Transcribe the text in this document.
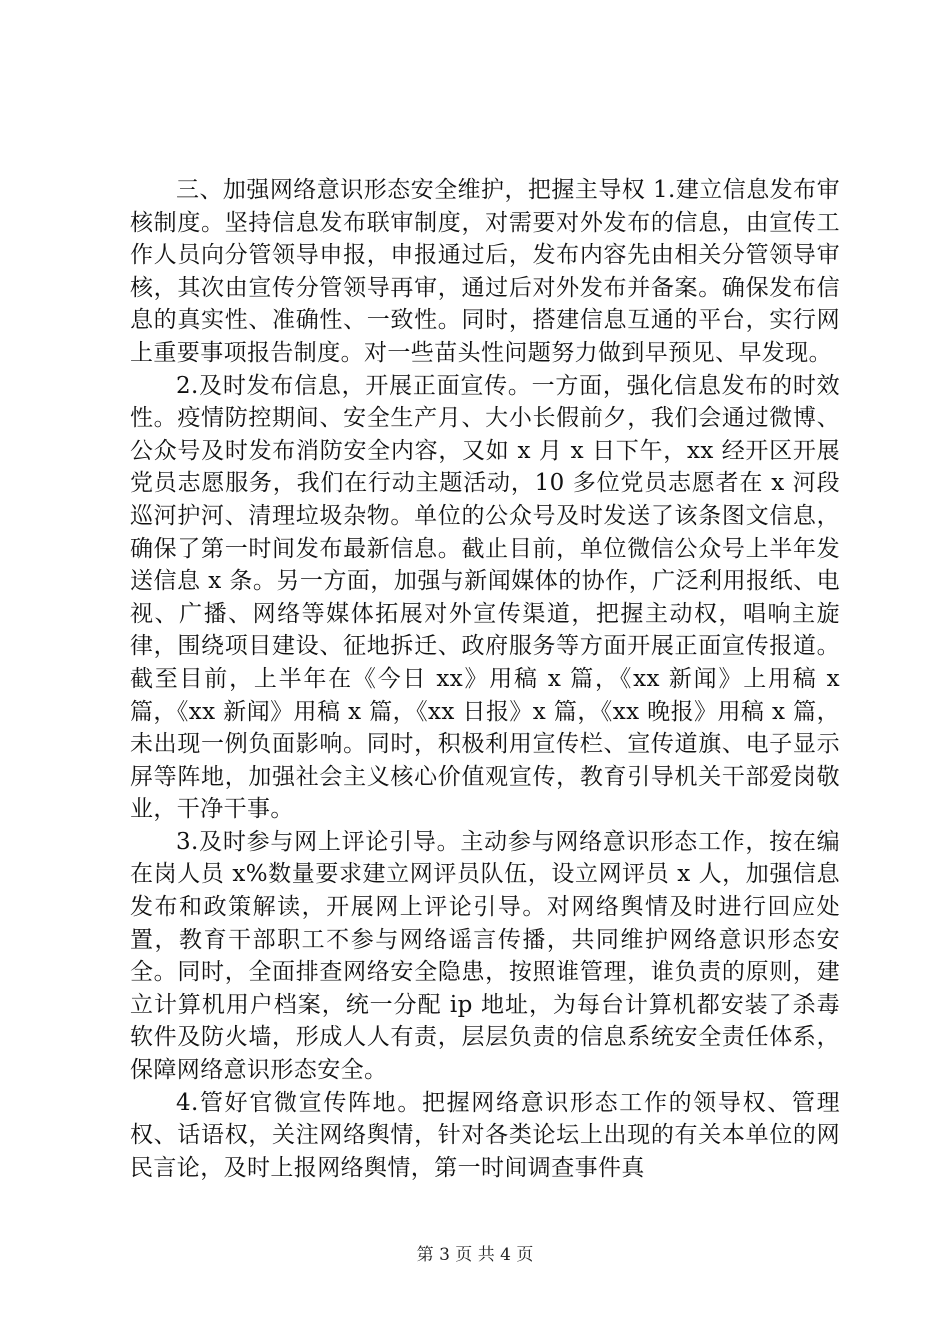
三、加强网络意识形态安全维护，把握主导权 1.建立信息发布审核制度。坚持信息发布联审制度，对需要对外发布的信息，由宣传工作人员向分管领导申报，申报通过后，发布内容先由相关分管领导审核，其次由宣传分管领导再审，通过后对外发布并备案。确保发布信息的真实性、准确性、一致性。同时，搭建信息互通的平台，实行网上重要事项报告制度。对一些苗头性问题努力做到早预见、早发现。

2.及时发布信息，开展正面宣传。一方面，强化信息发布的时效性。疫情防控期间、安全生产月、大小长假前夕，我们会通过微博、公众号及时发布消防安全内容，又如 x 月 x 日下午，xx 经开区开展党员志愿服务，我们在行动主题活动，10 多位党员志愿者在 x 河段巡河护河、清理垃圾杂物。单位的公众号及时发送了该条图文信息，确保了第一时间发布最新信息。截止目前，单位微信公众号上半年发送信息 x 条。另一方面，加强与新闻媒体的协作，广泛利用报纸、电视、广播、网络等媒体拓展对外宣传渠道，把握主动权，唱响主旋律，围绕项目建设、征地拆迁、政府服务等方面开展正面宣传报道。截至目前，上半年在《今日 xx》用稿 x 篇，《xx 新闻》上用稿 x 篇，《xx 新闻》用稿 x 篇，《xx 日报》x 篇，《xx 晚报》用稿 x 篇，未出现一例负面影响。同时，积极利用宣传栏、宣传道旗、电子显示屏等阵地，加强社会主义核心价值观宣传，教育引导机关干部爱岗敬业，干净干事。

3.及时参与网上评论引导。主动参与网络意识形态工作，按在编在岗人员 x%数量要求建立网评员队伍，设立网评员 x 人，加强信息发布和政策解读，开展网上评论引导。对网络舆情及时进行回应处置，教育干部职工不参与网络谣言传播，共同维护网络意识形态安全。同时，全面排查网络安全隐患，按照谁管理，谁负责的原则，建立计算机用户档案，统一分配 ip 地址，为每台计算机都安装了杀毒软件及防火墙，形成人人有责，层层负责的信息系统安全责任体系，保障网络意识形态安全。

4.管好官微宣传阵地。把握网络意识形态工作的领导权、管理权、话语权，关注网络舆情，针对各类论坛上出现的有关本单位的网民言论，及时上报网络舆情，第一时间调查事件真

第 3 页 共 4 页
